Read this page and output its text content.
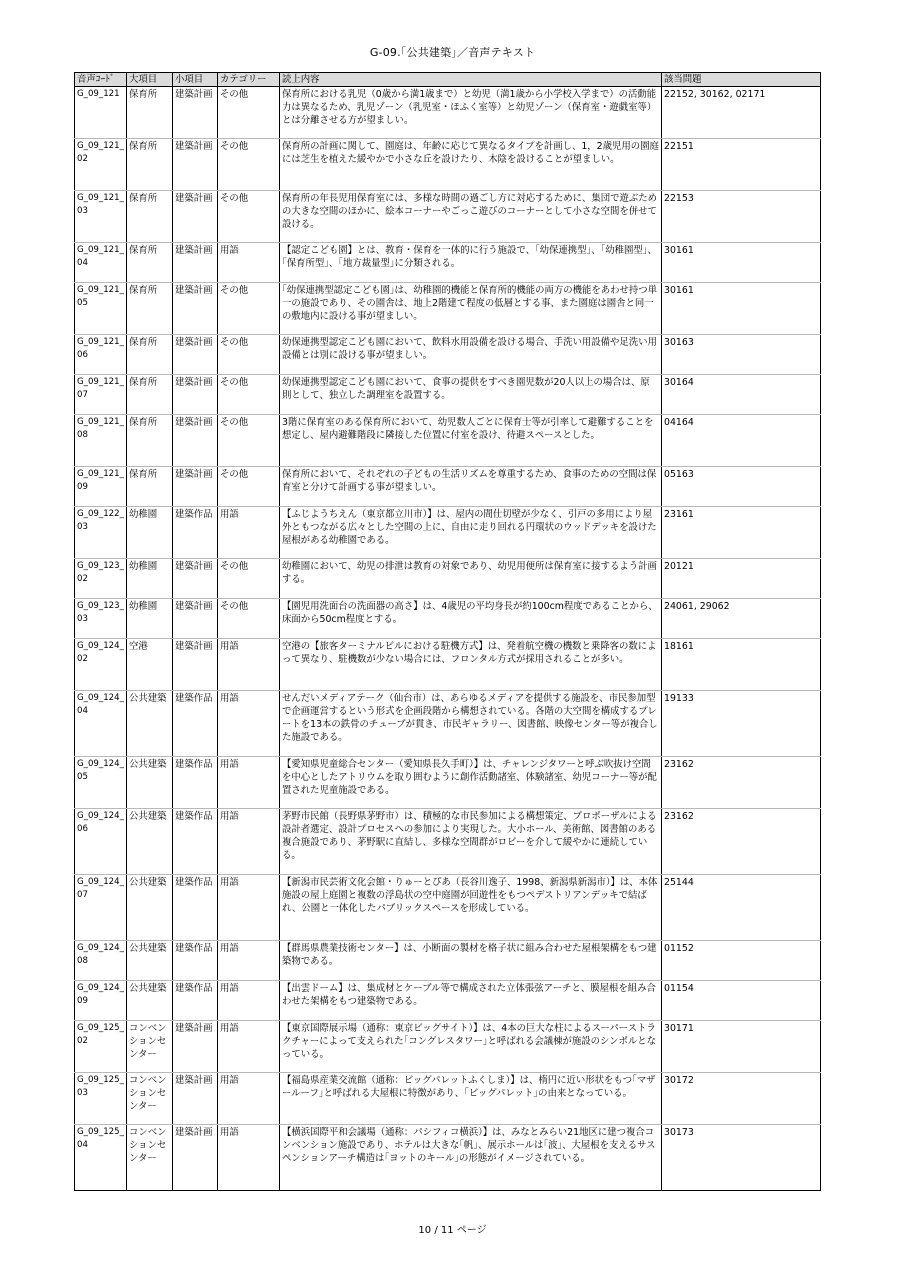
G-09.｢公共建築｣／音声テキスト
音声ｺｰﾄﾞ	大項目	小項目	カテゴリー	読上内容	該当問題
G_09_121	保育所	建築計画	その他	保育所における乳児（0歳から満1歳まで）と幼児（満1歳から小学校入学まで）の活動能力は異なるため、乳児ゾーン（乳児室・ほふく室等）と幼児ゾーン（保育室・遊戯室等）とは分離させる方が望ましい。	22152, 30162, 02171
G_09_121_02	保育所	建築計画	その他	保育所の計画に関して、園庭は、年齢に応じて異なるタイプを計画し、1，2歳児用の園庭には芝生を植えた緩やかで小さな丘を設けたり、木陰を設けることが望ましい。	22151
G_09_121_03	保育所	建築計画	その他	保育所の年長児用保育室には、多様な時間の過ごし方に対応するために、集団で遊ぶための大きな空間のほかに、絵本コーナーやごっこ遊びのコーナーとして小さな空間を併せて設ける。	22153
G_09_121_04	保育所	建築計画	用語	【認定こども園】とは、教育・保育を一体的に行う施設で、｢幼保連携型｣、｢幼稚園型｣、｢保育所型｣、｢地方裁量型｣に分類される。	30161
G_09_121_05	保育所	建築計画	その他	｢幼保連携型認定こども園｣は、幼稚園的機能と保育所的機能の両方の機能をあわせ持つ単一の施設であり、その園舎は、地上2階建て程度の低層とする事、また園庭は園舎と同一の敷地内に設ける事が望ましい。	30161
G_09_121_06	保育所	建築計画	その他	幼保連携型認定こども園において、飲料水用設備を設ける場合、手洗い用設備や足洗い用設備とは別に設ける事が望ましい。	30163
G_09_121_07	保育所	建築計画	その他	幼保連携型認定こども園において、食事の提供をすべき園児数が20人以上の場合は、原則として、独立した調理室を設置する。	30164
G_09_121_08	保育所	建築計画	その他	3階に保育室のある保育所において、幼児数人ごとに保育士等が引率して避難することを想定し、屋内避難階段に隣接した位置に付室を設け、待避スペースとした。	04164
G_09_121_09	保育所	建築計画	その他	保育所において、それぞれの子どもの生活リズムを尊重するため、食事のための空間は保育室と分けて計画する事が望ましい。	05163
G_09_122_03	幼稚園	建築作品	用語	【ふじようちえん（東京都立川市）】は、屋内の間仕切壁が少なく、引戸の多用により屋外ともつながる広々とした空間の上に、自由に走り回れる円環状のウッドデッキを設けた屋根がある幼稚園である。	23161
G_09_123_02	幼稚園	建築計画	その他	幼稚園において、幼児の排泄は教育の対象であり、幼児用便所は保育室に接するよう計画する。	20121
G_09_123_03	幼稚園	建築計画	その他	【園児用洗面台の洗面器の高さ】は、4歳児の平均身長が約100cm程度であることから、床面から50cm程度とする。	24061, 29062
G_09_124_02	空港	建築計画	用語	空港の【旅客ターミナルビルにおける駐機方式】は、発着航空機の機数と乗降客の数によって異なり、駐機数が少ない場合には、フロンタル方式が採用されることが多い。	18161
G_09_124_04	公共建築	建築作品	用語	せんだいメディアテーク（仙台市）は、あらゆるメディアを提供する施設を、市民参加型で企画運営するという形式を企画段階から構想されている。各階の大空間を構成するプレートを13本の鉄骨のチューブが貫き、市民ギャラリー、図書館、映像センター等が複合した施設である。	19133
G_09_124_05	公共建築	建築作品	用語	【愛知県児童総合センター（愛知県長久手町）】は、チャレンジタワーと呼ぶ吹抜け空間を中心としたアトリウムを取り囲むように創作活動諸室、体験諸室、幼児コーナー等が配置された児童施設である。	23162
G_09_124_06	公共建築	建築作品	用語	茅野市民館（長野県茅野市）は、積極的な市民参加による構想策定、プロポーザルによる設計者選定、設計プロセスへの参加により実現した。大小ホール、美術館、図書館のある複合施設であり、茅野駅に直結し、多様な空間群がロビーを介して緩やかに連続している。	23162
G_09_124_07	公共建築	建築作品	用語	【新潟市民芸術文化会館・りゅーとぴあ（長谷川逸子、1998、新潟県新潟市）】は、本体施設の屋上庭園と複数の浮島状の空中庭園が回遊性をもつペデストリアンデッキで結ばれ、公園と一体化したパブリックスペースを形成している。	25144
G_09_124_08	公共建築	建築作品	用語	【群馬県農業技術センター】は、小断面の製材を格子状に組み合わせた屋根架構をもつ建築物である。	01152
G_09_124_09	公共建築	建築作品	用語	【出雲ドーム】は、集成材とケーブル等で構成された立体張弦アーチと、膜屋根を組み合わせた架構をもつ建築物である。	01154
G_09_125_02	コンベンションセンター	建築計画	用語	【東京国際展示場（通称：東京ビッグサイト）】は、4本の巨大な柱によるスーパーストラクチャーによって支えられた｢コングレスタワー｣と呼ばれる会議棟が施設のシンボルとなっている。	30171
G_09_125_03	コンベンションセンター	建築計画	用語	【福島県産業交流館（通称：ビッグパレットふくしま）】は、楕円に近い形状をもつ｢マザールーフ｣と呼ばれる大屋根に特徴があり、｢ビッグパレット｣の由来となっている。	30172
G_09_125_04	コンベンションセンター	建築計画	用語	【横浜国際平和会議場（通称：パシフィコ横浜）】は、みなとみらい21地区に建つ複合コンベンション施設であり、ホテルは大きな｢帆｣、展示ホールは｢波｣、大屋根を支えるサスペンションアーチ構造は｢ヨットのキール｣の形態がイメージされている。	30173
10 / 11 ページ
